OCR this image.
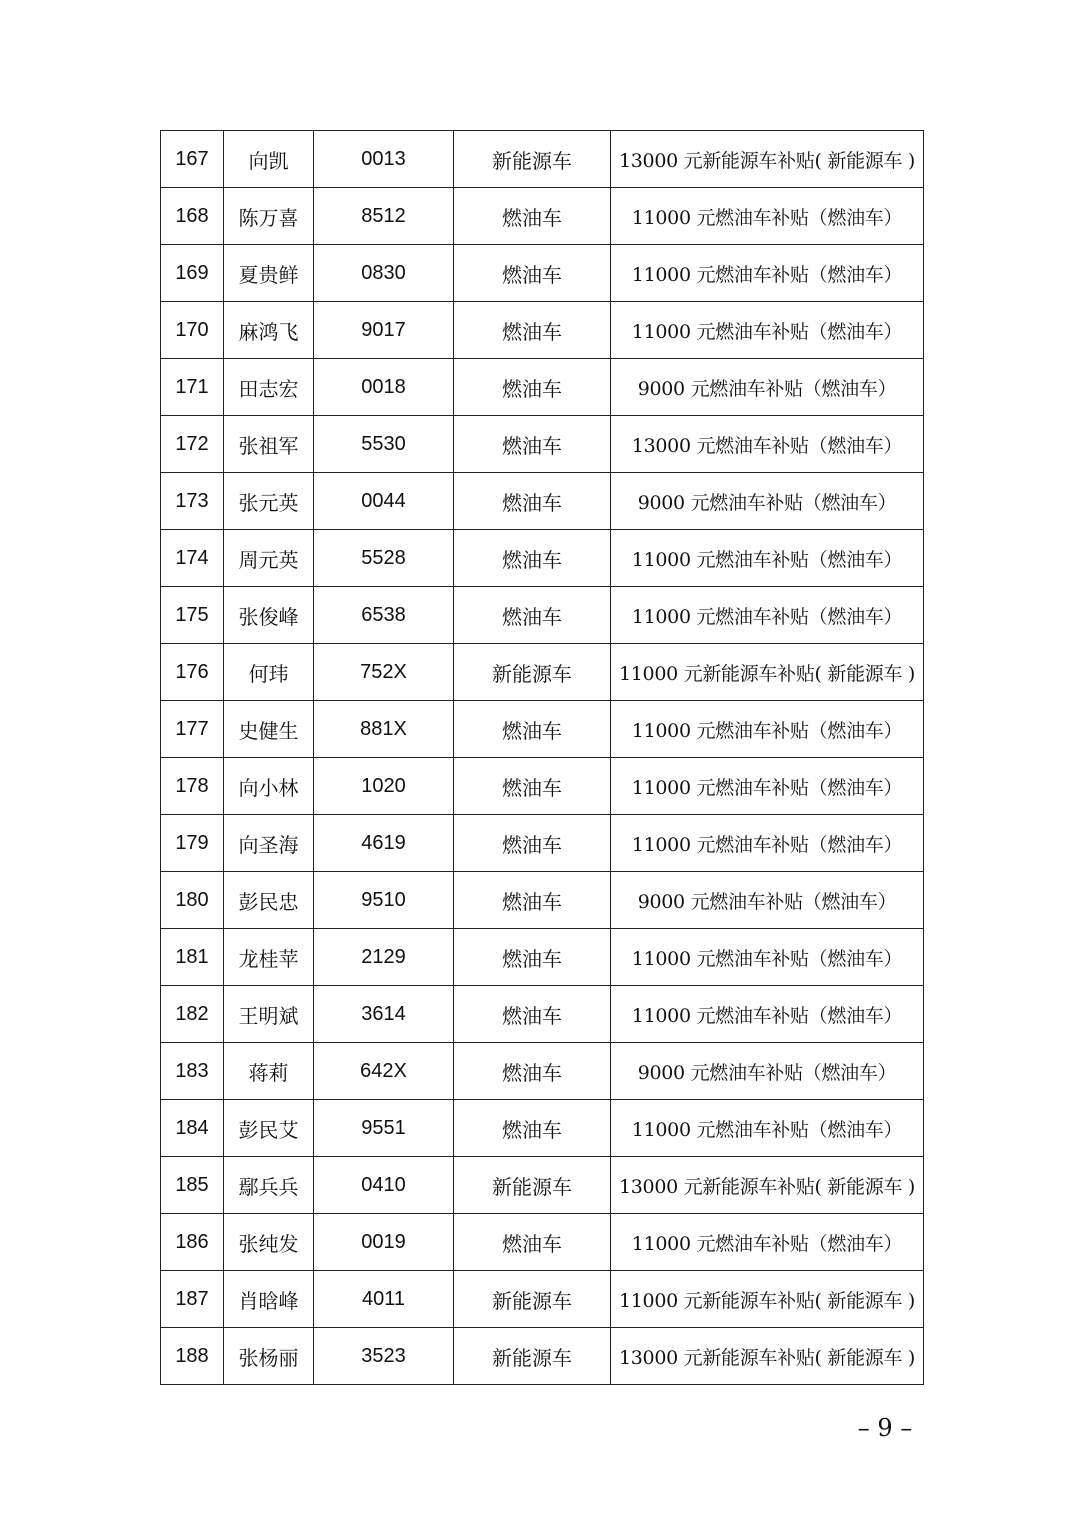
167	向凯	0013	新能源车	13000 元新能源车补贴( 新能源车 )
168	陈万喜	8512	燃油车	11000 元燃油车补贴（燃油车）
169	夏贵鲜	0830	燃油车	11000 元燃油车补贴（燃油车）
170	麻鸿飞	9017	燃油车	11000 元燃油车补贴（燃油车）
171	田志宏	0018	燃油车	9000 元燃油车补贴（燃油车）
172	张祖军	5530	燃油车	13000 元燃油车补贴（燃油车）
173	张元英	0044	燃油车	9000 元燃油车补贴（燃油车）
174	周元英	5528	燃油车	11000 元燃油车补贴（燃油车）
175	张俊峰	6538	燃油车	11000 元燃油车补贴（燃油车）
176	何玮	752X	新能源车	11000 元新能源车补贴( 新能源车 )
177	史健生	881X	燃油车	11000 元燃油车补贴（燃油车）
178	向小林	1020	燃油车	11000 元燃油车补贴（燃油车）
179	向圣海	4619	燃油车	11000 元燃油车补贴（燃油车）
180	彭民忠	9510	燃油车	9000 元燃油车补贴（燃油车）
181	龙桂苹	2129	燃油车	11000 元燃油车补贴（燃油车）
182	王明斌	3614	燃油车	11000 元燃油车补贴（燃油车）
183	蒋莉	642X	燃油车	9000 元燃油车补贴（燃油车）
184	彭民艾	9551	燃油车	11000 元燃油车补贴（燃油车）
185	鄢兵兵	0410	新能源车	13000 元新能源车补贴( 新能源车 )
186	张纯发	0019	燃油车	11000 元燃油车补贴（燃油车）
187	肖晗峰	4011	新能源车	11000 元新能源车补贴( 新能源车 )
188	张杨丽	3523	新能源车	13000 元新能源车补贴( 新能源车 )
– 9 –
